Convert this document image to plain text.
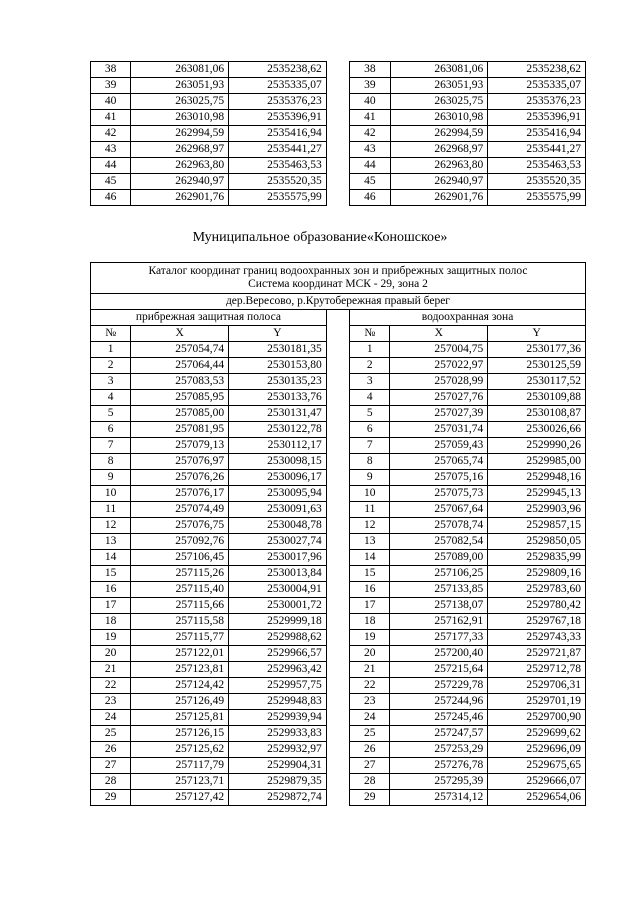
38	263081,06	2535238,62		38	263081,06	2535238,62
39	263051,93	2535335,07		39	263051,93	2535335,07
40	263025,75	2535376,23		40	263025,75	2535376,23
41	263010,98	2535396,91		41	263010,98	2535396,91
42	262994,59	2535416,94		42	262994,59	2535416,94
43	262968,97	2535441,27		43	262968,97	2535441,27
44	262963,80	2535463,53		44	262963,80	2535463,53
45	262940,97	2535520,35		45	262940,97	2535520,35
46	262901,76	2535575,99		46	262901,76	2535575,99
Муниципальное образование«Коношское»
Каталог координат границ водоохранных зон и прибрежных защитных полос
Система координат МСК - 29, зона 2						

дер.Вересово, р.Крутобережная правый берег						
прибрежная защитная полоса				водоохранная зона		
№	X	Y		№	X	Y
1	257054,74	2530181,35		1	257004,75	2530177,36
2	257064,44	2530153,80		2	257022,97	2530125,59
3	257083,53	2530135,23		3	257028,99	2530117,52
4	257085,95	2530133,76		4	257027,76	2530109,88
5	257085,00	2530131,47		5	257027,39	2530108,87
6	257081,95	2530122,78		6	257031,74	2530026,66
7	257079,13	2530112,17		7	257059,43	2529990,26
8	257076,97	2530098,15		8	257065,74	2529985,00
9	257076,26	2530096,17		9	257075,16	2529948,16
10	257076,17	2530095,94		10	257075,73	2529945,13
11	257074,49	2530091,63		11	257067,64	2529903,96
12	257076,75	2530048,78		12	257078,74	2529857,15
13	257092,76	2530027,74		13	257082,54	2529850,05
14	257106,45	2530017,96		14	257089,00	2529835,99
15	257115,26	2530013,84		15	257106,25	2529809,16
16	257115,40	2530004,91		16	257133,85	2529783,60
17	257115,66	2530001,72		17	257138,07	2529780,42
18	257115,58	2529999,18		18	257162,91	2529767,18
19	257115,77	2529988,62		19	257177,33	2529743,33
20	257122,01	2529966,57		20	257200,40	2529721,87
21	257123,81	2529963,42		21	257215,64	2529712,78
22	257124,42	2529957,75		22	257229,78	2529706,31
23	257126,49	2529948,83		23	257244,96	2529701,19
24	257125,81	2529939,94		24	257245,46	2529700,90
25	257126,15	2529933,83		25	257247,57	2529699,62
26	257125,62	2529932,97		26	257253,29	2529696,09
27	257117,79	2529904,31		27	257276,78	2529675,65
28	257123,71	2529879,35		28	257295,39	2529666,07
29	257127,42	2529872,74		29	257314,12	2529654,06
